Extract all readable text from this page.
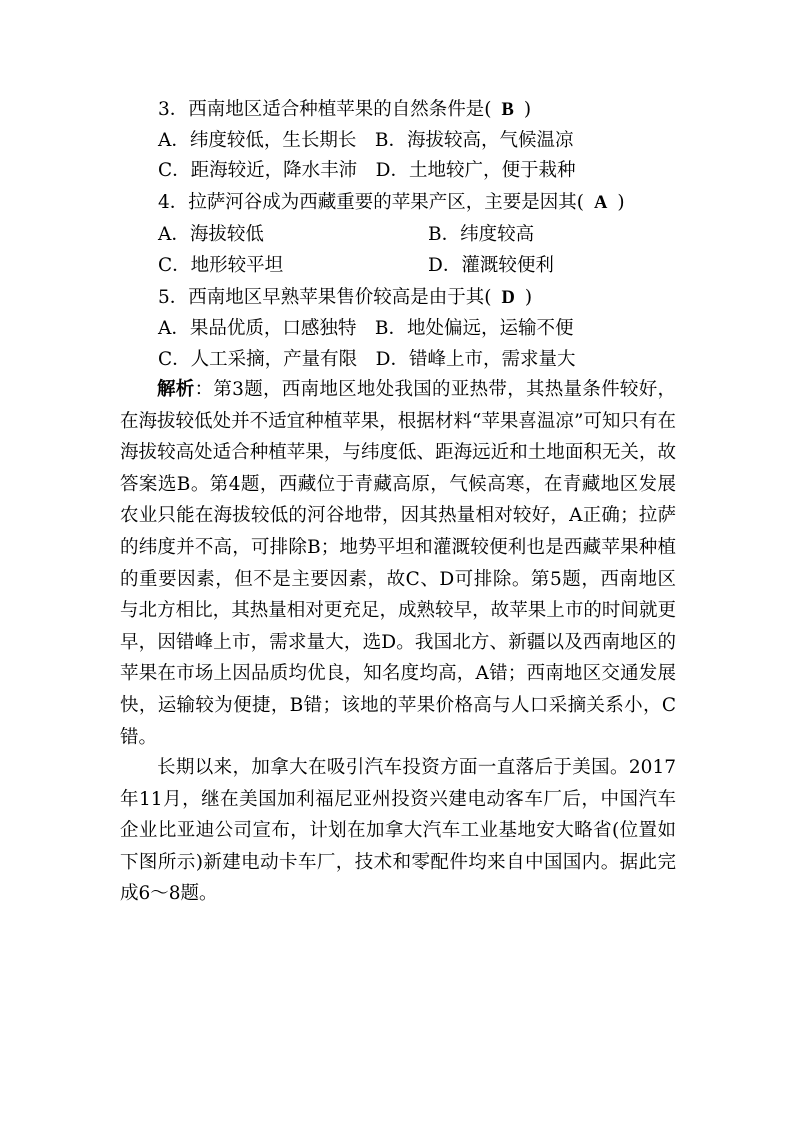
3．西南地区适合种植苹果的自然条件是( B )
A．纬度较低，生长期长　B．海拔较高，气候温凉
C．距海较近，降水丰沛　D．土地较广，便于栽种
4．拉萨河谷成为西藏重要的苹果产区，主要是因其( A )
A．海拔较低	B．纬度较高
C．地形较平坦	D．灌溉较便利
5．西南地区早熟苹果售价较高是由于其( D )
A．果品优质，口感独特　B．地处偏远，运输不便
C．人工采摘，产量有限　D．错峰上市，需求量大
解析：第3题，西南地区地处我国的亚热带，其热量条件较好，在海拔较低处并不适宜种植苹果，根据材料“苹果喜温凉”可知只有在海拔较高处适合种植苹果，与纬度低、距海远近和土地面积无关，故答案选B。第4题，西藏位于青藏高原，气候高寒，在青藏地区发展农业只能在海拔较低的河谷地带，因其热量相对较好，A正确；拉萨的纬度并不高，可排除B；地势平坦和灌溉较便利也是西藏苹果种植的重要因素，但不是主要因素，故C、D可排除。第5题，西南地区与北方相比，其热量相对更充足，成熟较早，故苹果上市的时间就更早，因错峰上市，需求量大，选D。我国北方、新疆以及西南地区的苹果在市场上因品质均优良，知名度均高，A错；西南地区交通发展快，运输较为便捷，B错；该地的苹果价格高与人口采摘关系小，C错。
长期以来，加拿大在吸引汽车投资方面一直落后于美国。2017年11月，继在美国加利福尼亚州投资兴建电动客车厂后，中国汽车企业比亚迪公司宣布，计划在加拿大汽车工业基地安大略省(位置如下图所示)新建电动卡车厂，技术和零配件均来自中国国内。据此完成6～8题。
